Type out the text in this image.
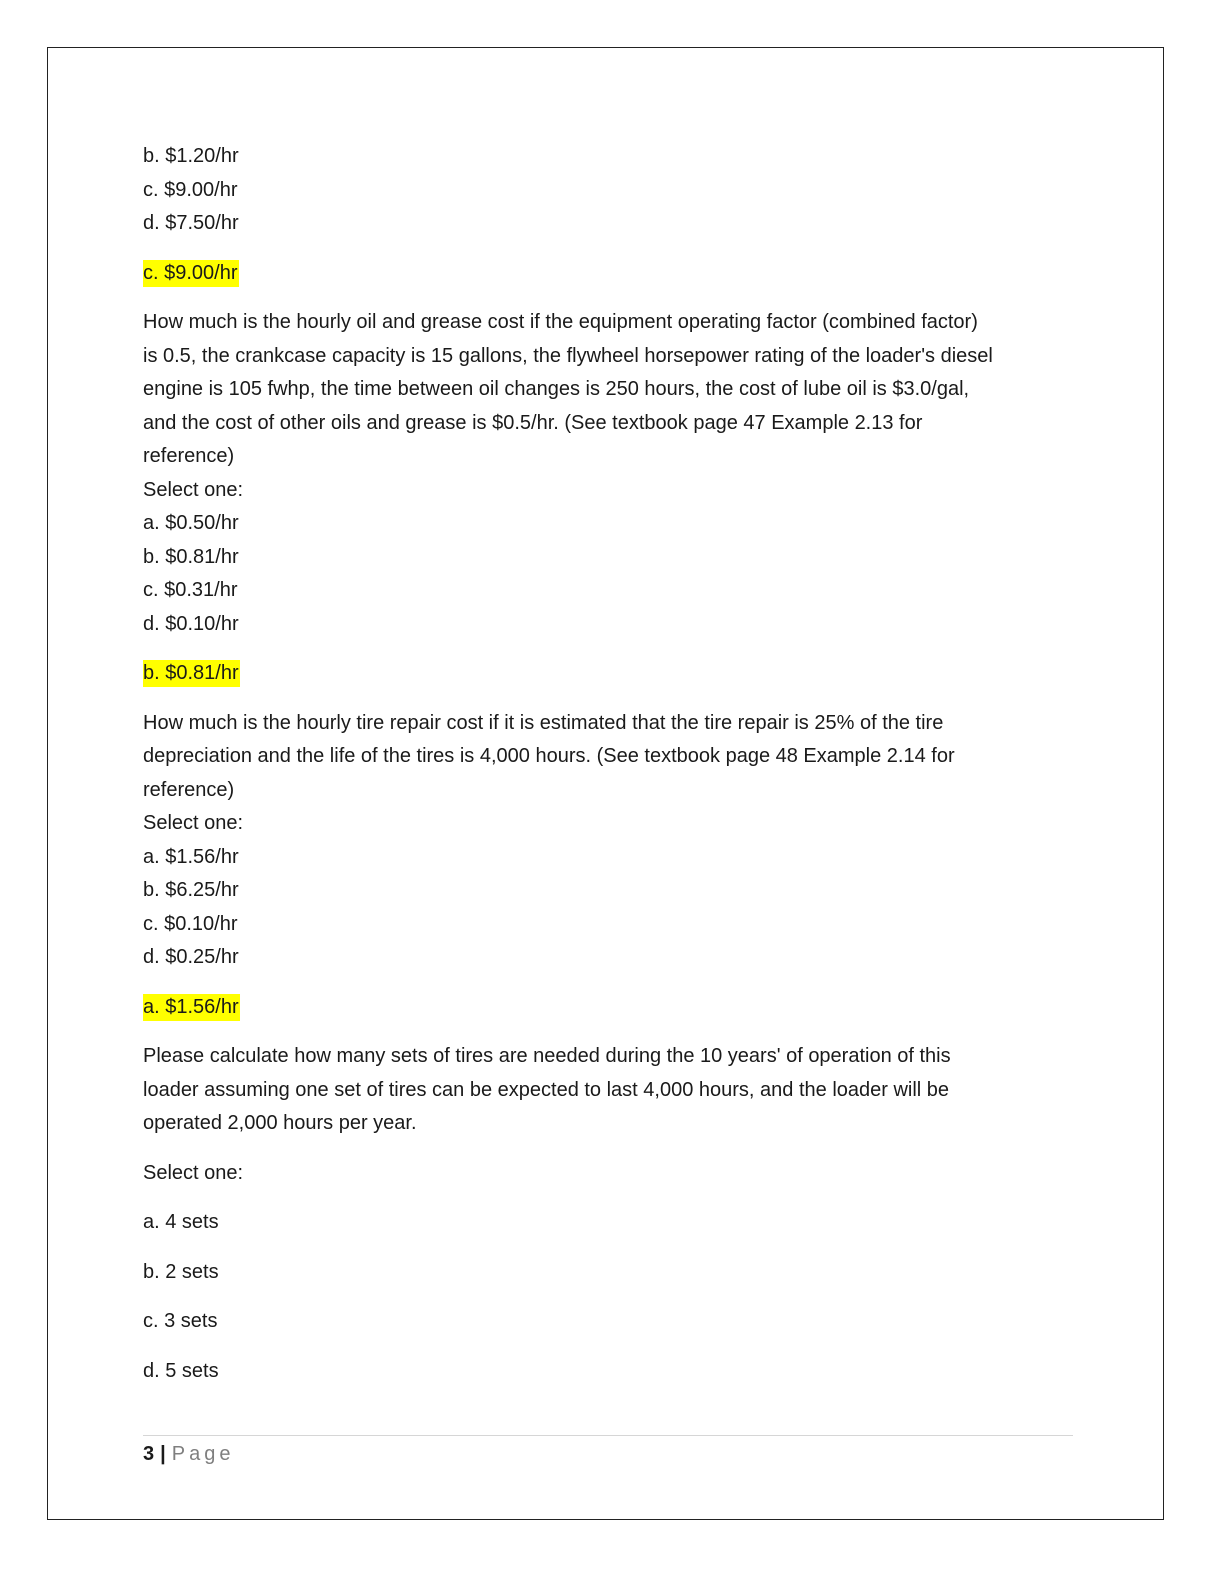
b. $1.20/hr
c. $9.00/hr
d. $7.50/hr
c. $9.00/hr
How much is the hourly oil and grease cost if the equipment operating factor (combined factor)
is 0.5, the crankcase capacity is 15 gallons, the flywheel horsepower rating of the loader's diesel
engine is 105 fwhp, the time between oil changes is 250 hours, the cost of lube oil is $3.0/gal,
and the cost of other oils and grease is $0.5/hr. (See textbook page 47 Example 2.13 for
reference)
Select one:
a. $0.50/hr
b. $0.81/hr
c. $0.31/hr
d. $0.10/hr
b. $0.81/hr
How much is the hourly tire repair cost if it is estimated that the tire repair is 25% of the tire
depreciation and the life of the tires is 4,000 hours. (See textbook page 48 Example 2.14 for
reference)
Select one:
a. $1.56/hr
b. $6.25/hr
c. $0.10/hr
d. $0.25/hr
a. $1.56/hr
Please calculate how many sets of tires are needed during the 10 years' of operation of this
loader assuming one set of tires can be expected to last 4,000 hours, and the loader will be
operated 2,000 hours per year.
Select one:
a. 4 sets
b. 2 sets
c. 3 sets
d. 5 sets
3 | Page
